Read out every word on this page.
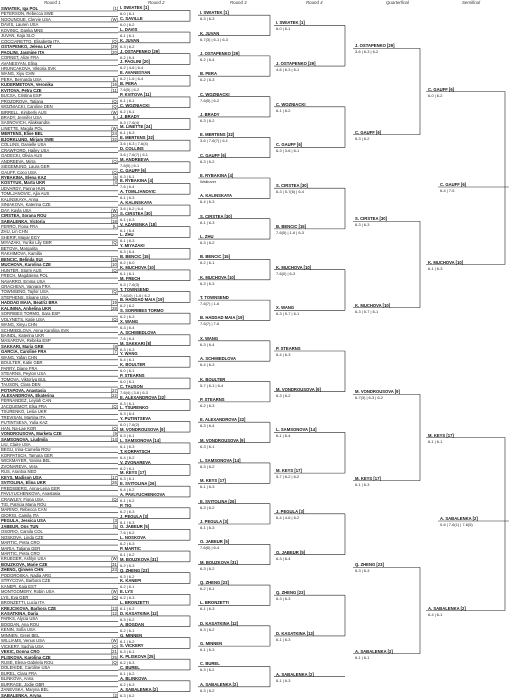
Round 1	Round 2	Round 3	Round 4	Quarterfinal	Semifinal
SWIATEK, Iga POL	[1]
PETERSON, Rebecca SWE
NGOUNOUE, Clervie USA	(W)
DAVIS, Lauren USA
KOVINIC, Danka MNE
JUVAN, Kaja SLO
COCCIARETTO, Elisabetta ITA	(Q)
OSTAPENKO, Jelena LAT	[29]
PAOLINI, Jasmine ITA	[20]
CORNET, Alize FRA
AVANESYAN, Elina
HRUNCAKOVA, Viktoria SVK
WANG, Xiyu CHN
PERA, Bernarda USA	(L)
KUDERMETOVA, Veronika	[16]
KVITOVA, Petra CZE	[11]
BUCSA, Cristina ESP
PROZOROVA, Tatiana	(Q)
WOZNIACKI, Caroline DEN	(Q)
BIRRELL, Kimberly AUS	(W)
BRADY, Jennifer USA	(L)
SASNOVICH, Aliaksandra
LINETTE, Magda POL	(W)
MERTENS, Elise BEL	[24]
BJORKLUND, Mirjam SWE	[32]
COLLINS, Danielle USA
CRAWFORD, Hailey USA
GADECKI, Olivia AUS
ANDREEVA, Mirra	(Q)
SIEGEMUND, Laura GER
GAUFF, Coco USA	(Q)
RYBAKINA, Elena KAZ	[6]
KOSTYUK, Marta UKR	[4]
UDVARDY, Panna HUN
TOMLJANOVIC, Ajla AUS
KALINSKAYA, Anna
SINIAKOVA, Katerina CZE
DAY, Kayla USA	(W)
CIRSTEA, Sorana ROU	[30]
SABALENKA, Victoria	[18]
FERRO, Fiona FRA	(L)
ZHU, Lin CHN
SHERIF, Mayar EGY
MIYAZAKI, Yuriko Lily GBR	(Q)
BETOVA, Margarita
RAKHIMOVA, Kamilla
BENCIC, Belinda SUI	[15]
MUCHOVA, Karolina CZE	[10]
HUNTER, Storm AUS	(Q)
FRECH, Magdalena POL
NAVARRO, Emma USA
GRACHEVA, Varvara FRA
TOWNSEND, Taylor USA	(Q)
STEPHENS, Sloane USA
HADDAD MAIA, Beatriz BRA	[19]
KALININA, Anhelina UKR	[28]
SORRIBES TORMO, Sara ESP
VOLYNETS, Katie USA	(Q)
WANG, Xinyu CHN
SCHMIEDLOVA, Anna Karolina SVK
BAINDL, Katerina UKR
MASAROVA, Rebeka ESP
SAKKARI, Maria GRE	[8]
GARCIA, Caroline FRA	[7]
WANG, Yafan CHN
BOULTER, Katie GBR
PARRY, Diane FRA
STEARNS, Peyton USA
TOMOVA, Viktoriya BUL
TAUSON, Clara DEN
POTAPOVA, Anastasia	[27]
ALEXANDROVA, Ekaterina	[22]
FERNANDEZ, Leylah CAN
JACQUEMOT, Elsa FRA	(Q)
TSURENKO, Lesia UKR
TREVISAN, Martina ITA
PUTINTSEVA, Yulia KAZ
HAN, Na-Lae KOR	(Q)
VONDROUSOVA, Marketa CZE	[9]
SAMSONOVA, Liudmila	[14]
LIU, Claire USA
BEGU, Irina-Camelia ROU
KORPATSCH, Tamara GER
WICKMAYER, Yanina BEL
ZVONAREVA, Vera
RUS, Arantxa NED
KEYS, Madison USA	[17]
SVITOLINA, Elina UKR	[26]
FREDSBERG, Anna-Lena GER
PAVLYUCHENKOVA, Anastasia
CRAWLEY, Fiona USA	(Q)
TIG, Patricia Maria ROU
MARINO, Rebecca CAN
GIORGI, Camila ITA
PEGULA, Jessica USA	[3]
JABEUR, Ons TUN	[5]
OSORIO, Camila COL
NOSKOVA, Linda CZE
MARTIC, Petra CRO
MARIA, Tatjana GER
MARTIC, Petra CRO
KRUEGER, Ashlyn USA	(W)
BOUZKOVA, Marie CZE	[31]
ZHENG, Qinwen CHN	[23]
PODOROSKA, Nadia ARG
STRYCOVA, Barbora CZE
KANEPI, Kaia EST
MONTGOMERY, Robin USA	(W)
LYS, Eva GER	(Q)
BRONZETTI, Lucia ITA
KREJCIKOVA, Barbora CZE	[13]
KASATKINA, Daria	[12]
PARKS, Alycia USA
BOGDAN, Ana ROU
KENIN, Sofia USA
MINNEN, Greet BEL
WILLIAMS, Venus USA	(W)
VICKERY, Sachia USA	(Q)
VEKIC, Donna CRO	[21]
PLISKOVA, Karolina CZE	[25]
RUSE, Elena-Gabriela ROU	(Q)
DOLEHIDE, Caroline USA
BUREL, Clara FRA
BLINKOVA, Anna
BURRAGE, Jodie GBR
ZANEVSKA, Maryna BEL
SABALENKA, Aryna	[2]
I. SWIATEK [1]
6-0 | 6-1
C. SAVILLE
6-0 | 6-2
L. DAVIS
6-1 | 6-1
K. JUVAN
6-3 | 6-2
J. OSTAPENKO [29]
6-2 | 6-4
J. PAOLINI [20]
6-2 | 4-6 | 6-4
E. AVANESYAN
6-2 | 1-6 | 6-4
B. PERA
7-6(5) | 6-2
P. KVITOVA [11]
6-1 | 6-1
C. WOZNIACKI
6-2 | 6-1
J. BRADY
6-3 | 7-6(4)
M. LINETTE [24]
6-1 | 6-3
E. MERTENS [32]
3-6 | 6-3 | 7-6(4)
D. COLLINS
3-6 | 7-6(7) | 6-1
M. ANDREEVA
7-6(5) | 6-1
C. GAUFF [6]
6-3 | 6-1
E. RYBAKINA [4]
7-6 | 6-4
A. TOMLJANOVIC
6-1 | 6-3
A. KALINSKAYA
3-6 | 6-2 | 6-4
S. CIRSTEA [30]
6-1 | 6-3
V. AZARENKA [18]
6-1 | 6-4
L. ZHU
6-1 | 6-3
Y. MIYAZAKI
6-3 | 6-4
B. BENCIC [15]
6-2 | 6-0
K. MUCHOVA [10]
6-1 | 6-1
M. FRECH
6-3 | 7-6(3)
T. TOWNSEND
7-6(10) | 1-6 | 6-2
B. HADDAD MAIA [19]
6-2 | 6-2
S. SORRIBES TORMO
6-2 | 6-3
X. WANG
6-3 | 6-4
A. SCHMIEDLOVA
7-6 | 6-4
M. SAKKARI [8]
6-3 | 6-3
Y. WANG
6-4 | 6-1
K. BOULTER
6-0 | 6-1
P. STEARNS
6-0 | 6-1
C. TAUSON
7-6(4) | 3-6 | 6-3
E. ALEXANDROVA [22]
6-3 | 6-1
L. TSURENKO
6-3 | 6-4
Y. PUTINTSEVA
6-0 | 7-6(2)
M. VONDROUSOVA [9]
6-3 | 6-1
L. SAMSONOVA [14]
6-1 | 6-3
T. KORPATSCH
6-4 | 6-2
V. ZVONAREVA
6-2 | 6-1
M. KEYS [17]
6-3 | 6-1
E. SVITOLINA [26]
6-4 | 6-2
A. PAVLYUCHENKOVA
6-1 | 6-2
P. TIG
6-2 | 6-3
J. PEGULA [3]
6-1 | 6-3
O. JABEUR [5]
7-6 | 6-2
L. NOSKOVA
6-2 | 6-3
P. MARTIC
6-1 | 6-2
M. BOUZKOVA [31]
6-2 | 6-3
Q. ZHENG [23]
6-3 | 6-2
K. KANEPI
6-2 | 6-1
E. LYS
6-2 | 6-3
L. BRONZETTI
6-1 | 6-2
D. KASATKINA [12]
6-3 | 6-2
A. BOGDAN
6-2 | 6-1
G. MINNEN
6-1 | 6-2
S. VICKERY
6-3 | 6-1
K. PLISKOVA [25]
6-2 | 6-3
C. BUREL
6-1 | 6-2
A. BLINKOVA
6-2 | 6-3
A. SABALENKA [2]
6-3 | 6-2
I. SWIATEK [1]
6-3 | 6-3
K. JUVAN
6-7(3) | 6-1 | 6-3
J. OSTAPENKO [29]
6-2 | 6-4
B. PERA
6-2 | 6-3
C. WOZNIACKI
7-6(5) | 6-2
J. BRADY
6-3 | 6-2
E. MERTENS [32]
3-6 | 7-6(7) | 6-1
C. GAUFF [6]
6-3 | 6-2
E. RYBAKINA [4]
Walkover
A. KALINSKAYA
6-4 | 6-3
S. CIRSTEA [30]
6-1 | 6-3
L. ZHU
6-3 | 6-2
B. BENCIC [15]
6-2 | 6-1
K. MUCHOVA [10]
6-3 | 6-3
T. TOWNSEND
7-6(7) | 1-6
B. HADDAD MAIA [19]
7-6(7) | 7-6
X. WANG
6-3 | 6-4
A. SCHMIEDLOVA
6-4 | 6-3
K. BOULTER
5-7 | 6-1 | 6-4
P. STEARNS
6-2 | 6-3
E. ALEXANDROVA [22]
6-3 | 6-4
M. VONDROUSOVA [9]
6-3 | 6-1
L. SAMSONOVA [14]
6-3 | 6-2
M. KEYS [17]
6-1 | 6-3
E. SVITOLINA [26]
6-3 | 6-2
J. PEGULA [3]
6-1 | 6-3
O. JABEUR [5]
7-6(6) | 6-4
M. BOUZKOVA [31]
6-3 | 6-2
Q. ZHENG [23]
6-2 | 6-1
L. BRONZETTI
6-1 | 6-3
D. KASATKINA [12]
6-3 | 6-2
G. MINNEN
6-1 | 6-3
C. BUREL
6-3 | 6-2
A. SABALENKA [2]
6-3 | 6-2
I. SWIATEK [1]
6-0 | 6-1
J. OSTAPENKO [29]
4-6 | 6-3 | 6-1
C. WOZNIACKI
6-1 | 6-2
C. GAUFF [6]
6-3 | 3-6 | 6-1
S. CIRSTEA [30]
6-3 | 5-7(6) | 6-4
B. BENCIC [15]
7-6(5) | 1-6 | 6-3
K. MUCHOVA [10]
7-6(0) | 6-3
X. WANG
6-3 | 5-7 | 6-1
P. STEARNS
6-4 | 6-3
M. VONDROUSOVA [9]
6-3 | 6-2
L. SAMSONOVA [14]
6-1 | 6-4
M. KEYS [17]
5-7 | 6-2 | 6-2
J. PEGULA [3]
6-4 | 4-6 | 6-2
O. JABEUR [5]
6-3 | 6-4
Q. ZHENG [23]
6-3 | 6-3
D. KASATKINA [13]
6-1 | 6-3
A. SABALENKA [2]
6-1 | 6-3
J. OSTAPENKO [29]
3-6 | 6-3 | 6-2
C. GAUFF [6]
6-3 | 6-2
S. CIRSTEA [30]
6-3 | 6-3
K. MUCHOVA [10]
6-3 | 5-7 | 6-1
M. VONDROUSOVA [9]
6-7(3) | 6-3 | 6-2
M. KEYS [17]
6-1 | 6-3
Q. ZHENG [23]
6-3 | 6-3
A. SABALENKA [2]
6-1 | 6-1
C. GAUFF [6]
6-0 | 6-2
K. MUCHOVA [10]
6-1 | 6-3
M. KEYS [17]
6-1 | 6-1
A. SABALENKA [2]
6-4 | 6-1
C. GAUFF [6]
6-4 | 7-5
A. SABALENKA [2]
0-6 | 7-6(1) | 7-6(5)
